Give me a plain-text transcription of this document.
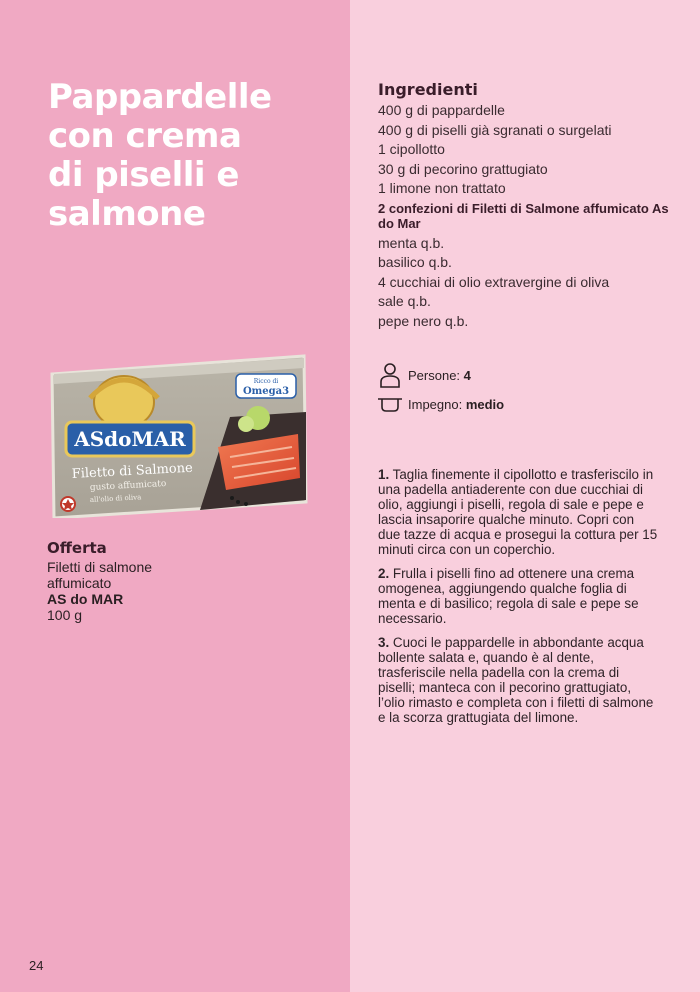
Pappardelle
con crema
di piselli e
salmone
ASdoMAR
Filetto di Salmone
gusto affumicato
all'olio di oliva
Ricco di
Omega3
Offerta
Filetti di salmone
affumicato
AS do MAR
100 g
24
Ingredienti
400 g di pappardelle
400 g di piselli già sgranati o surgelati
1 cipollotto
30 g di pecorino grattugiato
1 limone non trattato
2 confezioni di Filetti di Salmone affumicato As do Mar
menta q.b.
basilico q.b.
4 cucchiai di olio extravergine di oliva
sale q.b.
pepe nero q.b.
Persone:
4
Impegno:
medio

1. Taglia finemente il cipollotto e trasferiscilo in una padella antiaderente con due cucchiai di olio, aggiungi i piselli, regola di sale e pepe e lascia insaporire qualche minuto. Copri con due tazze di acqua e prosegui la cottura per 15 minuti circa con un coperchio.

2. Frulla i piselli fino ad ottenere una crema omogenea, aggiungendo qualche foglia di menta e di basilico; regola di sale e pepe se necessario.

3. Cuoci le pappardelle in abbondante acqua bollente salata e, quando è al dente, trasferiscile nella padella con la crema di piselli; manteca con il pecorino grattugiato, l’olio rimasto e completa con i filetti di salmone e la scorza grattugiata del limone.
